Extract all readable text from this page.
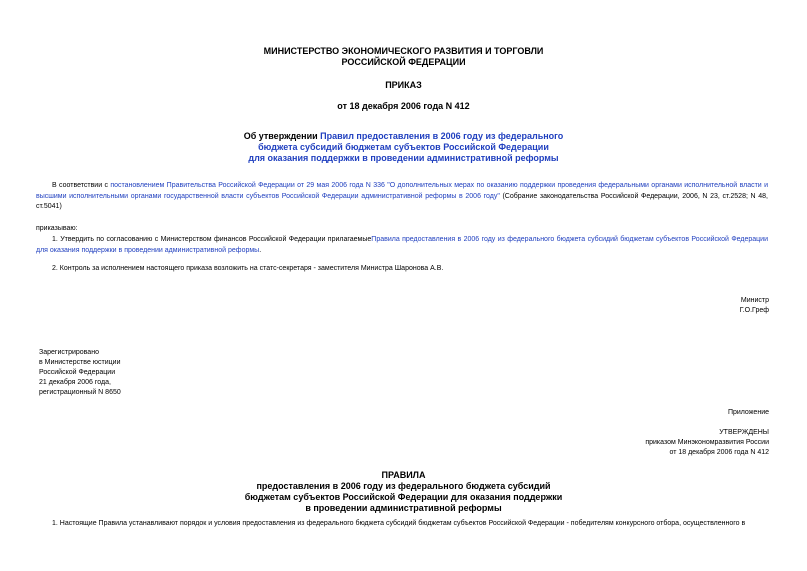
МИНИСТЕРСТВО ЭКОНОМИЧЕСКОГО РАЗВИТИЯ И ТОРГОВЛИ
РОССИЙСКОЙ ФЕДЕРАЦИИ
ПРИКАЗ
от 18 декабря 2006 года N 412
Об утверждении Правил предоставления в 2006 году из федерального
бюджета субсидий бюджетам субъектов Российской Федерации
для оказания поддержки в проведении административной реформы
В соответствии с постановлением Правительства Российской Федерации от 29 мая 2006 года N 336 "О дополнительных мерах по оказанию поддержки проведения федеральными органами исполнительной власти и высшими исполнительными органами государственной власти субъектов Российской Федерации административной реформы в 2006 году" (Собрание законодательства Российской Федерации, 2006, N 23, ст.2528; N 48, ст.5041)
приказываю:
1. Утвердить по согласованию с Министерством финансов Российской Федерации прилагаемыеПравила предоставления в 2006 году из федерального бюджета субсидий бюджетам субъектов Российской Федерации для оказания поддержки в проведении административной реформы.
2. Контроль за исполнением настоящего приказа возложить на статс-секретаря - заместителя Министра Шаронова А.В.
Министр
Г.О.Греф
Зарегистрировано
в Министерстве юстиции
Российской Федерации
21 декабря 2006 года,
регистрационный N 8650
Приложение
УТВЕРЖДЕНЫ
приказом Минэкономразвития России
от 18 декабря 2006 года N 412
ПРАВИЛА
предоставления в 2006 году из федерального бюджета субсидий
бюджетам субъектов Российской Федерации для оказания поддержки
в проведении административной реформы
1. Настоящие Правила устанавливают порядок и условия предоставления из федерального бюджета субсидий бюджетам субъектов Российской Федерации - победителям конкурсного отбора, осуществленного в
